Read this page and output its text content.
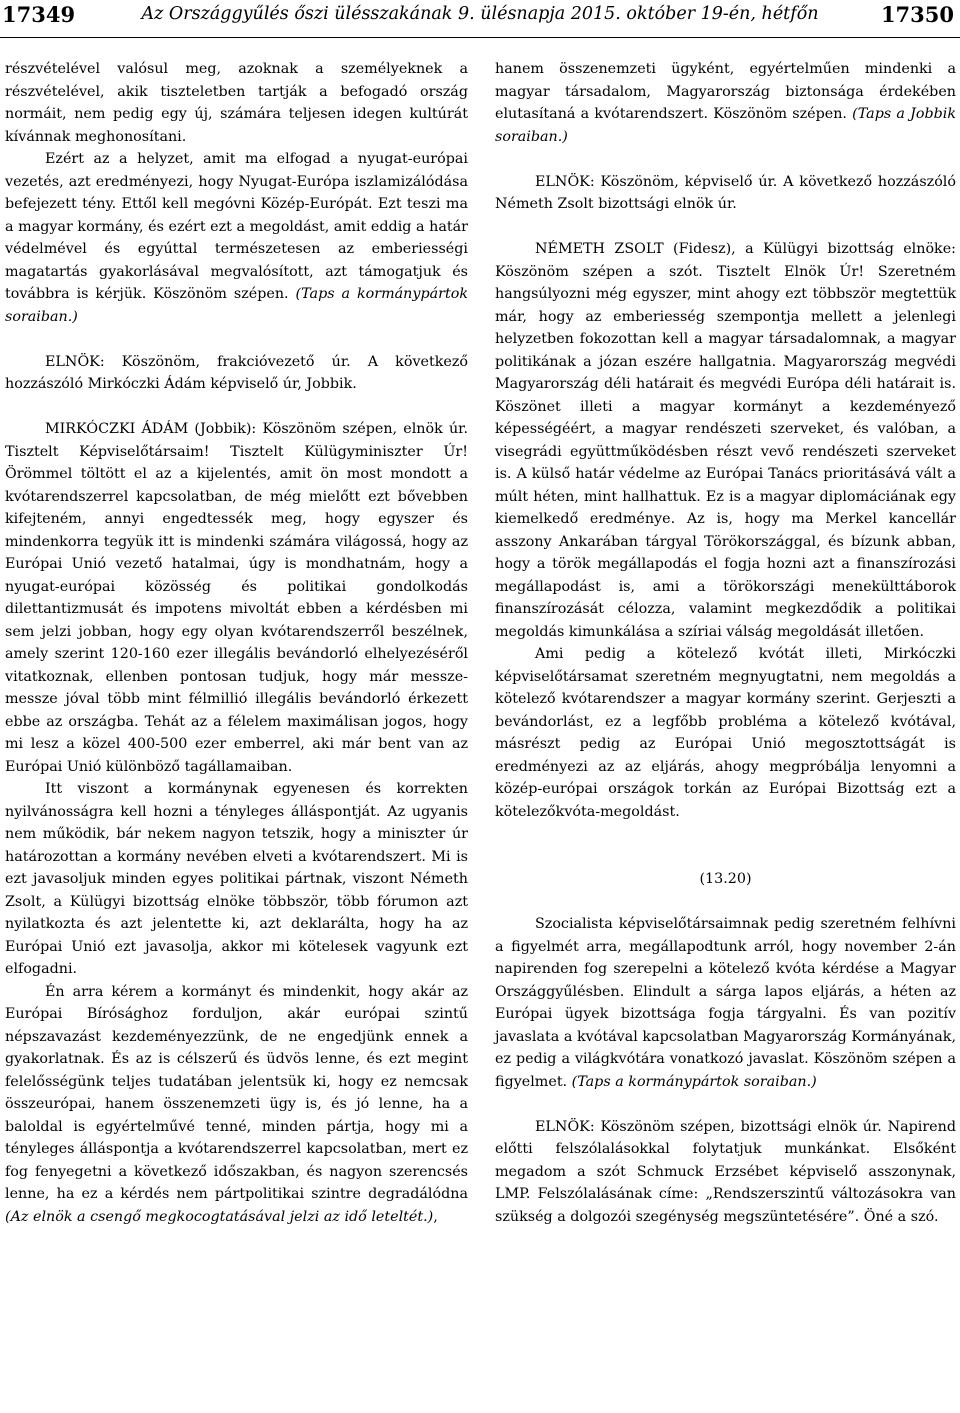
17349	Az Országgyűlés őszi ülésszakának 9. ülésnapja 2015. október 19-én, hétfőn	17350

részvételével valósul meg, azoknak a személyeknek a részvételével, akik tiszteletben tartják a befogadó ország normáit, nem pedig egy új, számára teljesen idegen kultúrát kívánnak meghonosítani.

Ezért az a helyzet, amit ma elfogad a nyugat-európai vezetés, azt eredményezi, hogy Nyugat-Európa iszlamizálódása befejezett tény. Ettől kell megóvni Közép-Európát. Ezt teszi ma a magyar kormány, és ezért ezt a megoldást, amit eddig a határ védelmével és egyúttal természetesen az emberiességi magatartás gyakorlásával megvalósított, azt támogatjuk és továbbra is kérjük. Köszönöm szépen. (Taps a kormánypártok soraiban.)

ELNÖK: Köszönöm, frakcióvezető úr. A következő hozzászóló Mirkóczki Ádám képviselő úr, Jobbik.

MIRKÓCZKI ÁDÁM (Jobbik): Köszönöm szépen, elnök úr. Tisztelt Képviselőtársaim! Tisztelt Külügyminiszter Úr! Örömmel töltött el az a kijelentés, amit ön most mondott a kvótarendszerrel kapcsolatban, de még mielőtt ezt bővebben kifejteném, annyi engedtessék meg, hogy egyszer és mindenkorra tegyük itt is mindenki számára világossá, hogy az Európai Unió vezető hatalmai, úgy is mondhatnám, hogy a nyugat-európai közösség és politikai gondolkodás dilettantizmusát és impotens mivoltát ebben a kérdésben mi sem jelzi jobban, hogy egy olyan kvótarendszerről beszélnek, amely szerint 120-160 ezer illegális bevándorló elhelyezéséről vitatkoznak, ellenben pontosan tudjuk, hogy már messze-messze jóval több mint félmillió illegális bevándorló érkezett ebbe az országba. Tehát az a félelem maximálisan jogos, hogy mi lesz a közel 400-500 ezer emberrel, aki már bent van az Európai Unió különböző tagállamaiban.

Itt viszont a kormánynak egyenesen és korrekten nyilvánosságra kell hozni a tényleges álláspontját. Az ugyanis nem működik, bár nekem nagyon tetszik, hogy a miniszter úr határozottan a kormány nevében elveti a kvótarendszert. Mi is ezt javasoljuk minden egyes politikai pártnak, viszont Németh Zsolt, a Külügyi bizottság elnöke többször, több fórumon azt nyilatkozta és azt jelentette ki, azt deklarálta, hogy ha az Európai Unió ezt javasolja, akkor mi kötelesek vagyunk ezt elfogadni.

Én arra kérem a kormányt és mindenkit, hogy akár az Európai Bírósághoz forduljon, akár európai szintű népszavazást kezdeményezzünk, de ne engedjünk ennek a gyakorlatnak. És az is célszerű és üdvös lenne, és ezt megint felelősségünk teljes tudatában jelentsük ki, hogy ez nemcsak összeurópai, hanem összenemzeti ügy is, és jó lenne, ha a baloldal is egyértelművé tenné, minden pártja, hogy mi a tényleges álláspontja a kvótarendszerrel kapcsolatban, mert ez fog fenyegetni a következő időszakban, és nagyon szerencsés lenne, ha ez a kérdés nem pártpolitikai szintre degradálódna (Az elnök a csengő megkocogtatásával jelzi az idő leteltét.),

hanem összenemzeti ügyként, egyértelműen mindenki a magyar társadalom, Magyarország biztonsága érdekében elutasítaná a kvótarendszert. Köszönöm szépen. (Taps a Jobbik soraiban.)

ELNÖK: Köszönöm, képviselő úr. A következő hozzászóló Németh Zsolt bizottsági elnök úr.

NÉMETH ZSOLT (Fidesz), a Külügyi bizottság elnöke: Köszönöm szépen a szót. Tisztelt Elnök Úr! Szeretném hangsúlyozni még egyszer, mint ahogy ezt többször megtettük már, hogy az emberiesség szempontja mellett a jelenlegi helyzetben fokozottan kell a magyar társadalomnak, a magyar politikának a józan eszére hallgatnia. Magyarország megvédi Magyarország déli határait és megvédi Európa déli határait is. Köszönet illeti a magyar kormányt a kezdeményező képességéért, a magyar rendészeti szerveket, és valóban, a visegrádi együttműködésben részt vevő rendészeti szerveket is. A külső határ védelme az Európai Tanács prioritásává vált a múlt héten, mint hallhattuk. Ez is a magyar diplomáciának egy kiemelkedő eredménye. Az is, hogy ma Merkel kancellár asszony Ankarában tárgyal Törökországgal, és bízunk abban, hogy a török megállapodás el fogja hozni azt a finanszírozási megállapodást is, ami a törökországi menekülttáborok finanszírozását célozza, valamint megkezdődik a politikai megoldás kimunkálása a szíriai válság megoldását illetően.

Ami pedig a kötelező kvótát illeti, Mirkóczki képviselőtársamat szeretném megnyugtatni, nem megoldás a kötelező kvótarendszer a magyar kormány szerint. Gerjeszti a bevándorlást, ez a legfőbb probléma a kötelező kvótával, másrészt pedig az Európai Unió megosztottságát is eredményezi az az eljárás, ahogy megpróbálja lenyomni a közép-európai országok torkán az Európai Bizottság ezt a kötelezőkvóta-megoldást.

(13.20)

Szocialista képviselőtársaimnak pedig szeretném felhívni a figyelmét arra, megállapodtunk arról, hogy november 2-án napirenden fog szerepelni a kötelező kvóta kérdése a Magyar Országgyűlésben. Elindult a sárga lapos eljárás, a héten az Európai ügyek bizottsága fogja tárgyalni. És van pozitív javaslata a kvótával kapcsolatban Magyarország Kormányának, ez pedig a világkvótára vonatkozó javaslat. Köszönöm szépen a figyelmet. (Taps a kormánypártok soraiban.)

ELNÖK: Köszönöm szépen, bizottsági elnök úr. Napirend előtti felszólalásokkal folytatjuk munkánkat. Elsőként megadom a szót Schmuck Erzsébet képviselő asszonynak, LMP. Felszólalásának címe: „Rendszerszintű változásokra van szükség a dolgozói szegénység megszüntetésére”. Öné a szó.
